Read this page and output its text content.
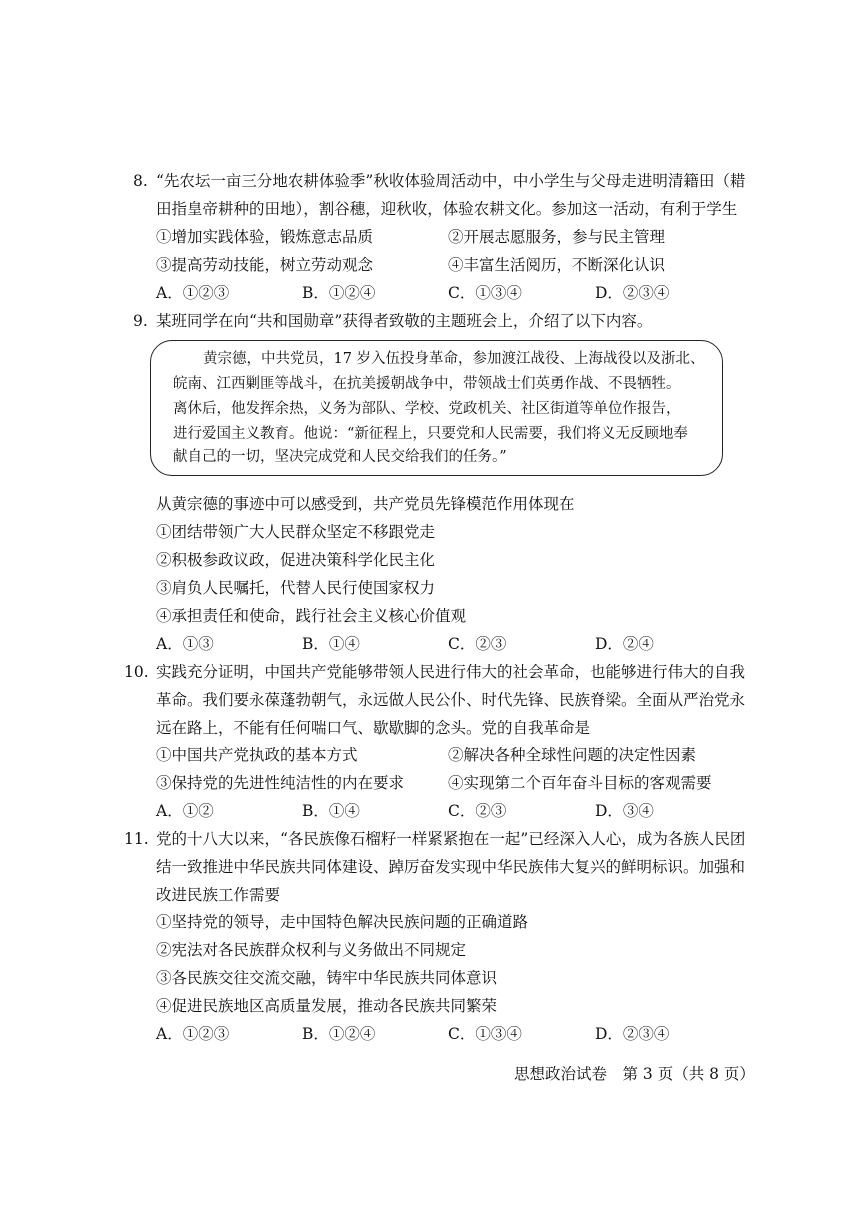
8. “先农坛一亩三分地农耕体验季”秋收体验周活动中，中小学生与父母走进明清籍田（耤
田指皇帝耕种的田地），割谷穗，迎秋收，体验农耕文化。参加这一活动，有利于学生
①增加实践体验，锻炼意志品质	②开展志愿服务，参与民主管理
③提高劳动技能，树立劳动观念	④丰富生活阅历，不断深化认识
A．①②③	B．①②④	C．①③④	D．②③④
9. 某班同学在向“共和国勋章”获得者致敬的主题班会上，介绍了以下内容。
黄宗德，中共党员，17 岁入伍投身革命，参加渡江战役、上海战役以及浙北、
皖南、江西剿匪等战斗，在抗美援朝战争中，带领战士们英勇作战、不畏牺牲。
离休后，他发挥余热，义务为部队、学校、党政机关、社区街道等单位作报告，
进行爱国主义教育。他说：“新征程上，只要党和人民需要，我们将义无反顾地奉
献自己的一切，坚决完成党和人民交给我们的任务。”
从黄宗德的事迹中可以感受到，共产党员先锋模范作用体现在
①团结带领广大人民群众坚定不移跟党走
②积极参政议政，促进决策科学化民主化
③肩负人民嘱托，代替人民行使国家权力
④承担责任和使命，践行社会主义核心价值观
A．①③	B．①④	C．②③	D．②④
10. 实践充分证明，中国共产党能够带领人民进行伟大的社会革命，也能够进行伟大的自我
革命。我们要永葆蓬勃朝气，永远做人民公仆、时代先锋、民族脊梁。全面从严治党永
远在路上，不能有任何喘口气、歇歇脚的念头。党的自我革命是
①中国共产党执政的基本方式	②解决各种全球性问题的决定性因素
③保持党的先进性纯洁性的内在要求	④实现第二个百年奋斗目标的客观需要
A．①②	B．①④	C．②③	D．③④
11. 党的十八大以来，“各民族像石榴籽一样紧紧抱在一起”已经深入人心，成为各族人民团
结一致推进中华民族共同体建设、踔厉奋发实现中华民族伟大复兴的鲜明标识。加强和
改进民族工作需要
①坚持党的领导，走中国特色解决民族问题的正确道路
②宪法对各民族群众权利与义务做出不同规定
③各民族交往交流交融，铸牢中华民族共同体意识
④促进民族地区高质量发展，推动各民族共同繁荣
A．①②③	B．①②④	C．①③④	D．②③④
思想政治试卷　第 3 页（共 8 页）
